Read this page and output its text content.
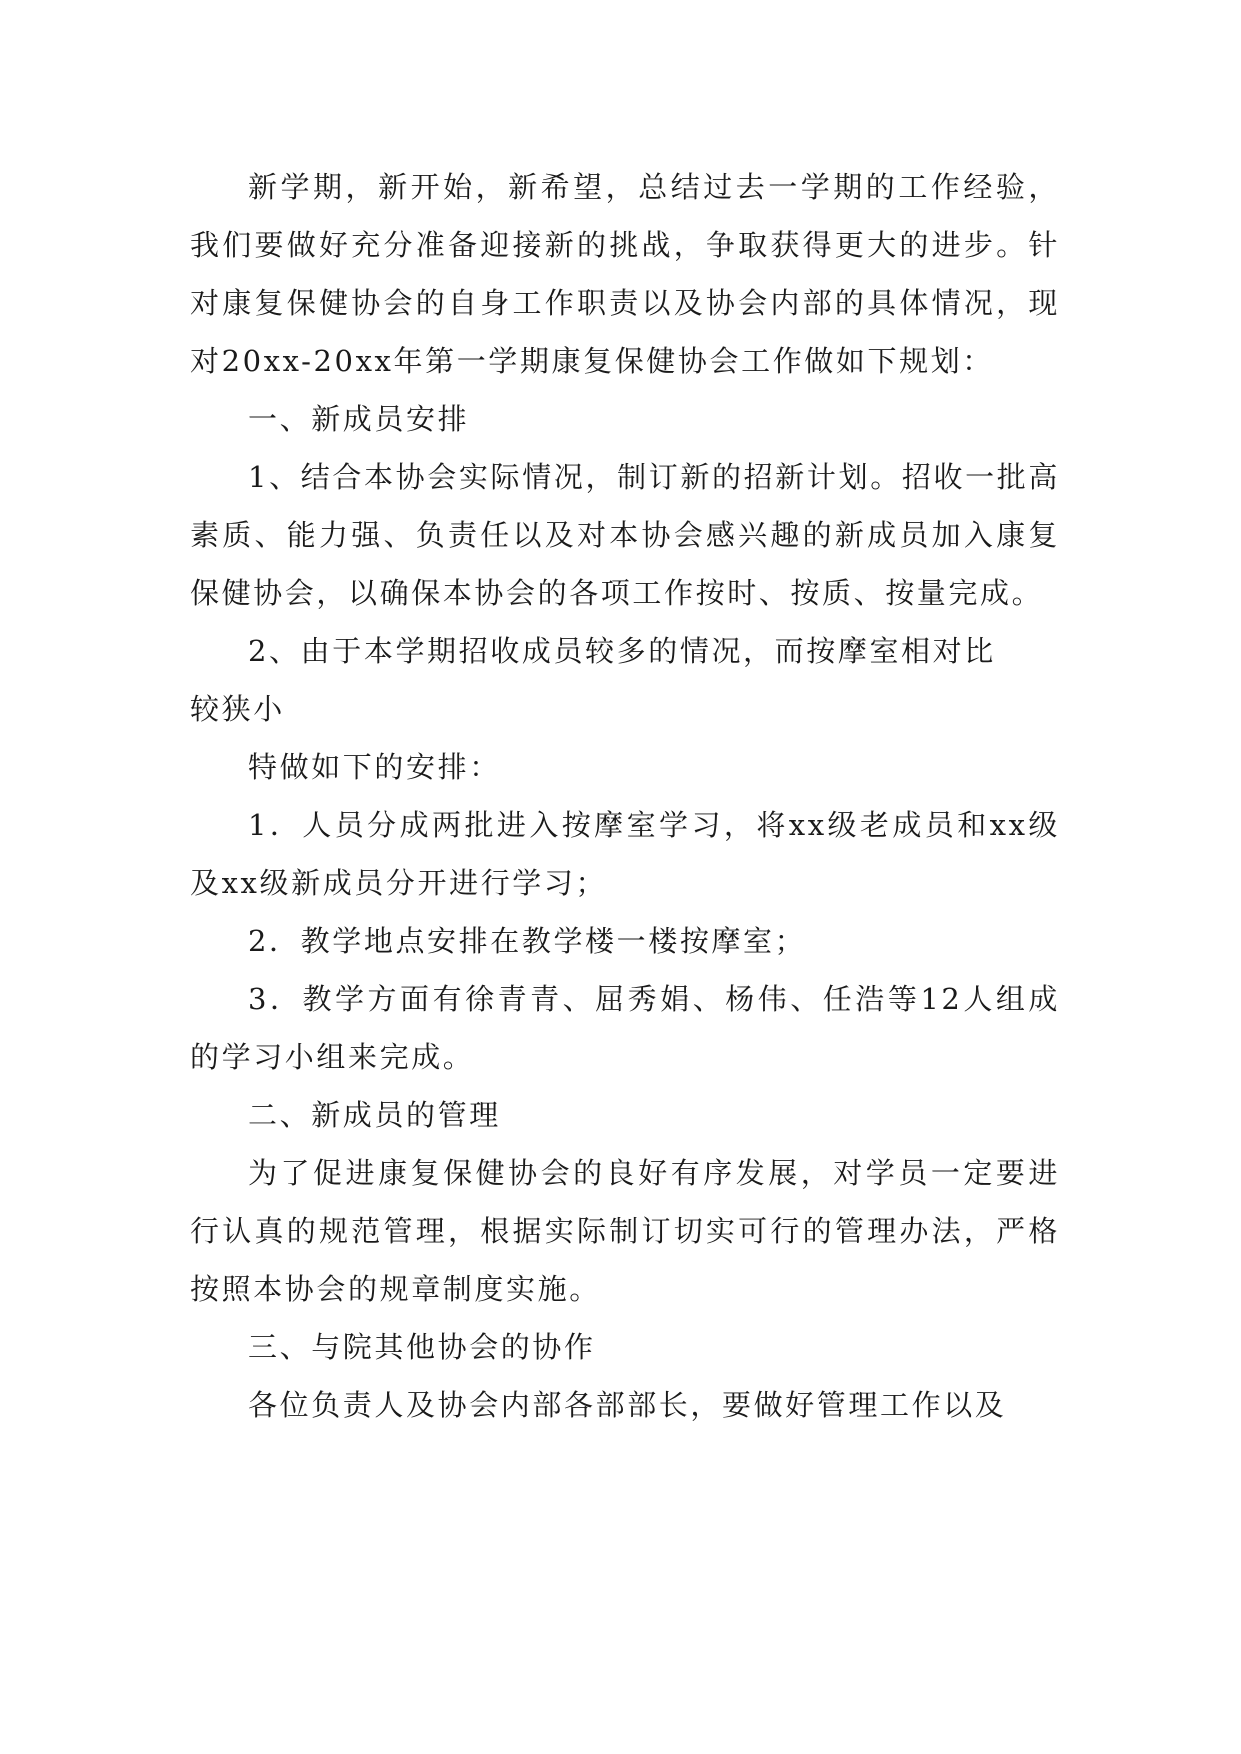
新学期，新开始，新希望，总结过去一学期的工作经验，我们要做好充分准备迎接新的挑战，争取获得更大的进步。针对康复保健协会的自身工作职责以及协会内部的具体情况，现对20xx-20xx年第一学期康复保健协会工作做如下规划：

一、新成员安排

1、结合本协会实际情况，制订新的招新计划。招收一批高素质、能力强、负责任以及对本协会感兴趣的新成员加入康复保健协会，以确保本协会的各项工作按时、按质、按量完成。

2、由于本学期招收成员较多的情况，而按摩室相对比

较狭小

特做如下的安排：

1．人员分成两批进入按摩室学习，将xx级老成员和xx级及xx级新成员分开进行学习；

2．教学地点安排在教学楼一楼按摩室；

3．教学方面有徐青青、屈秀娟、杨伟、任浩等12人组成的学习小组来完成。

二、新成员的管理

为了促进康复保健协会的良好有序发展，对学员一定要进行认真的规范管理，根据实际制订切实可行的管理办法，严格按照本协会的规章制度实施。

三、与院其他协会的协作

各位负责人及协会内部各部部长，要做好管理工作以及
